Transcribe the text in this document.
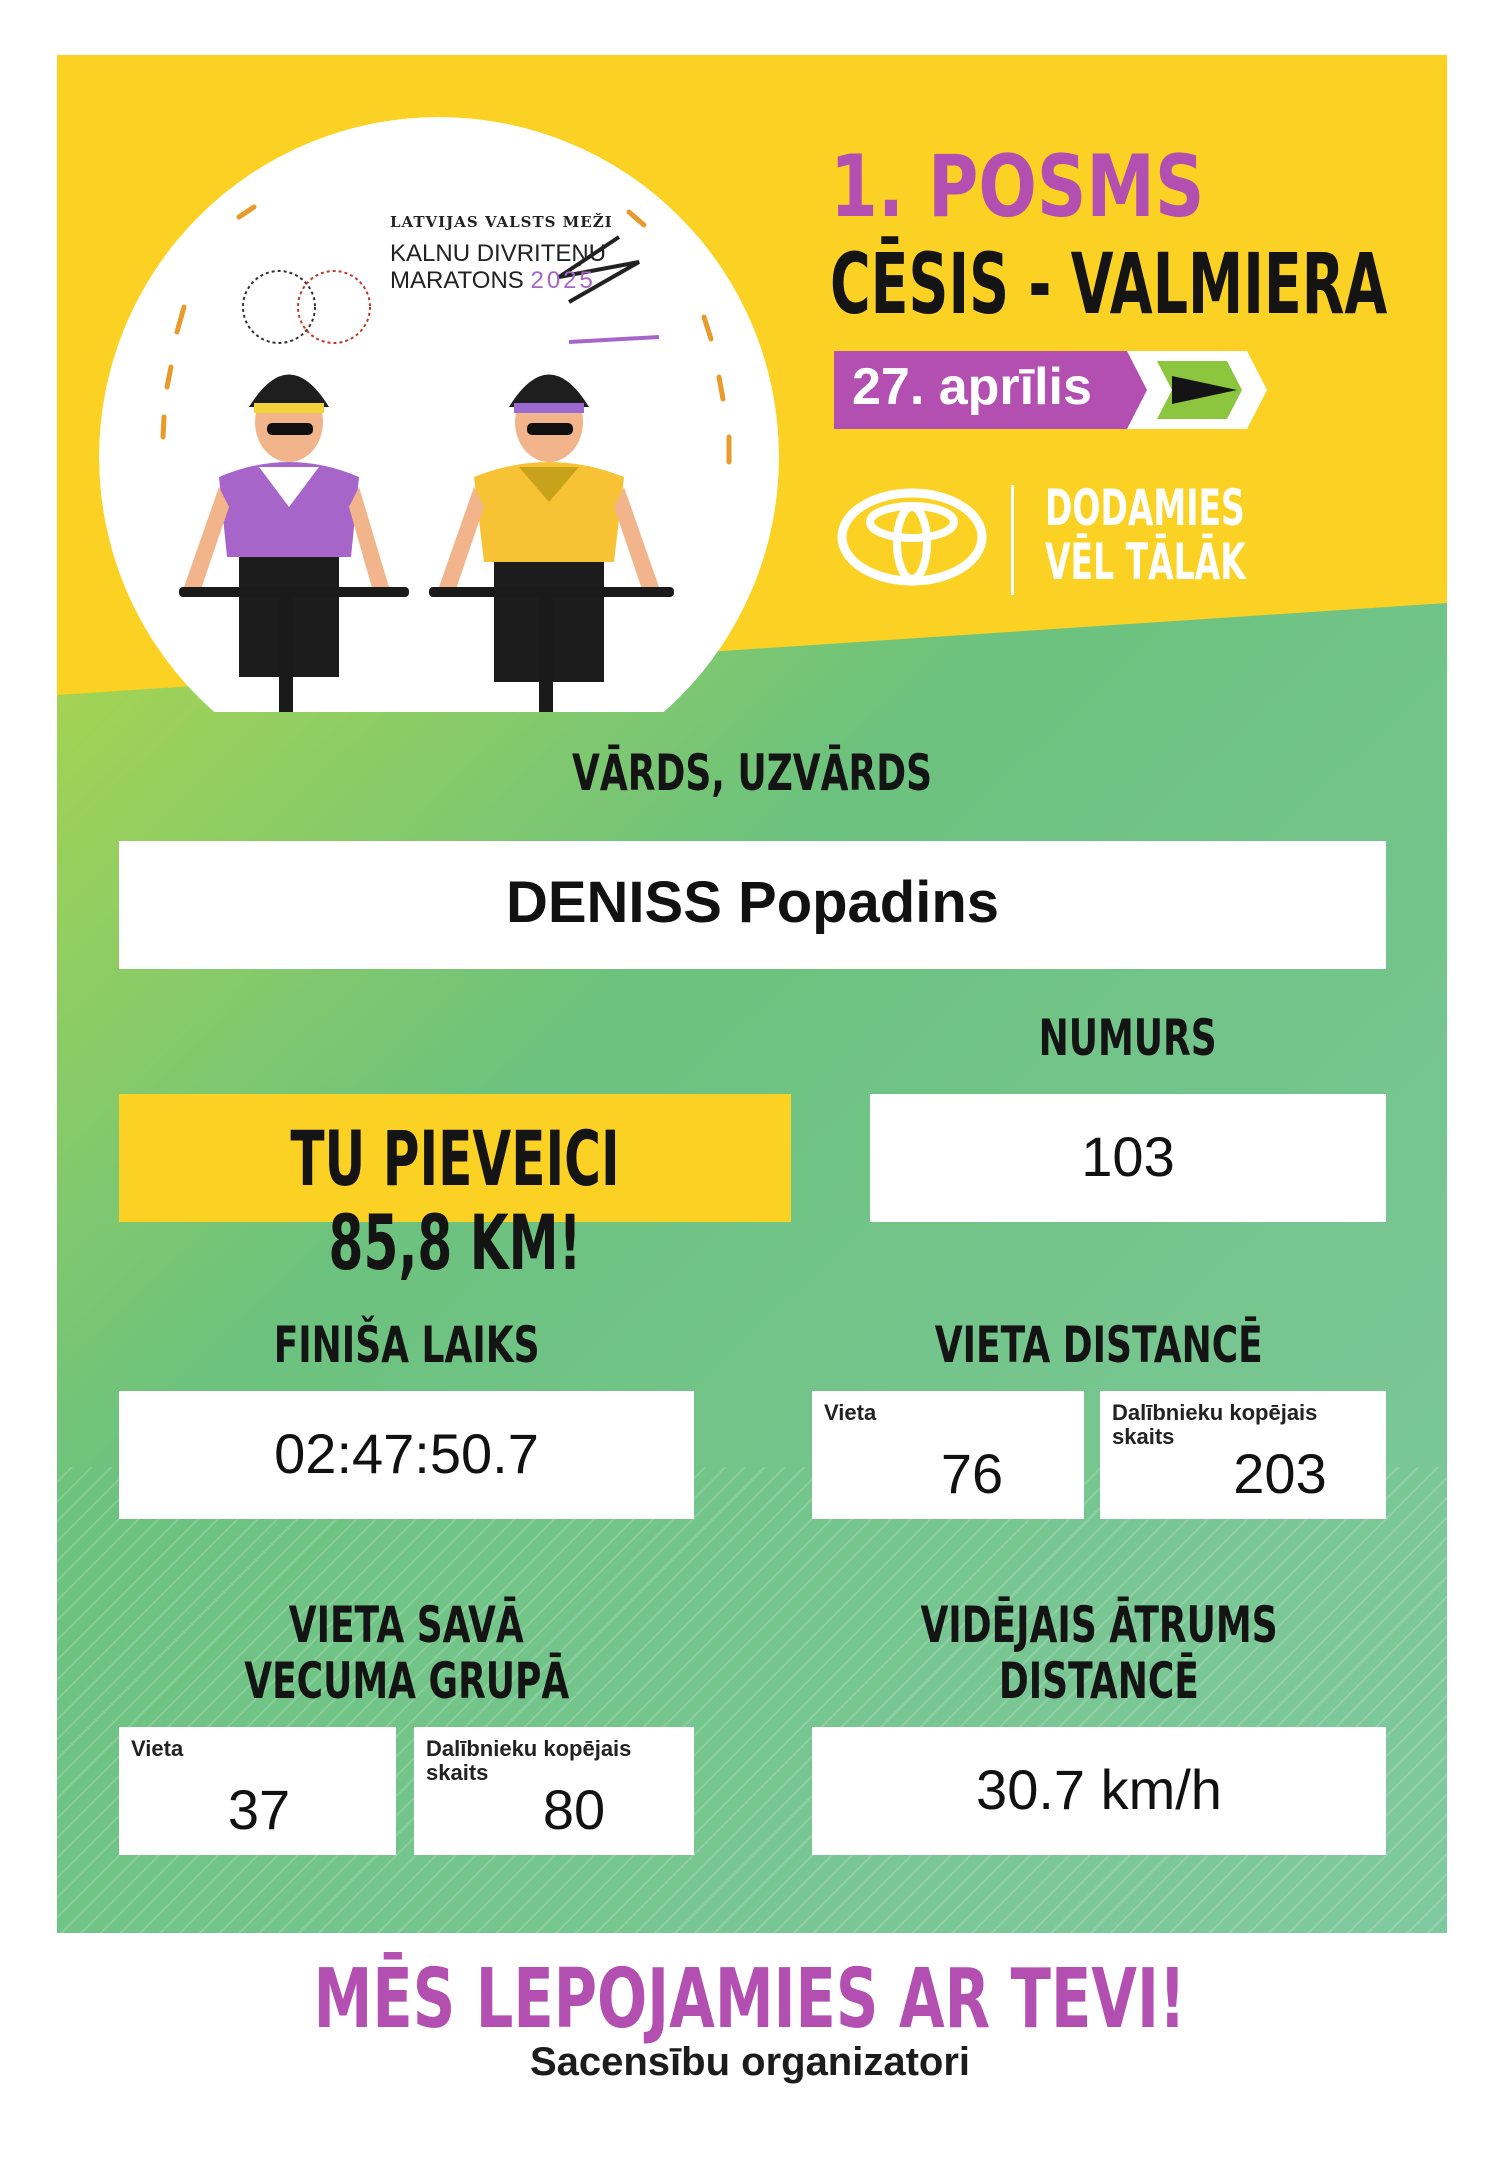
LATVIJAS VALSTS MEŽI
KALNU DIVRITEŅU
MARATONS 2025
1. POSMS
CĒSIS - VALMIERA
27. aprīlis
DODAMIES
VĒL TĀLĀK
VĀRDS, UZVĀRDS
DENISS Popadins
NUMURS
103
TU PIEVEICI 85,8 KM!
FINIŠA LAIKS
02:47:50.7
VIETA DISTANCĒ
Vieta
76
Dalībnieku kopējais skaits
203
VIETA SAVĀ
VECUMA GRUPĀ
Vieta
37
Dalībnieku kopējais skaits
80
VIDĒJAIS ĀTRUMS
DISTANCĒ
30.7 km/h
MĒS LEPOJAMIES AR TEVI!
Sacensību organizatori
